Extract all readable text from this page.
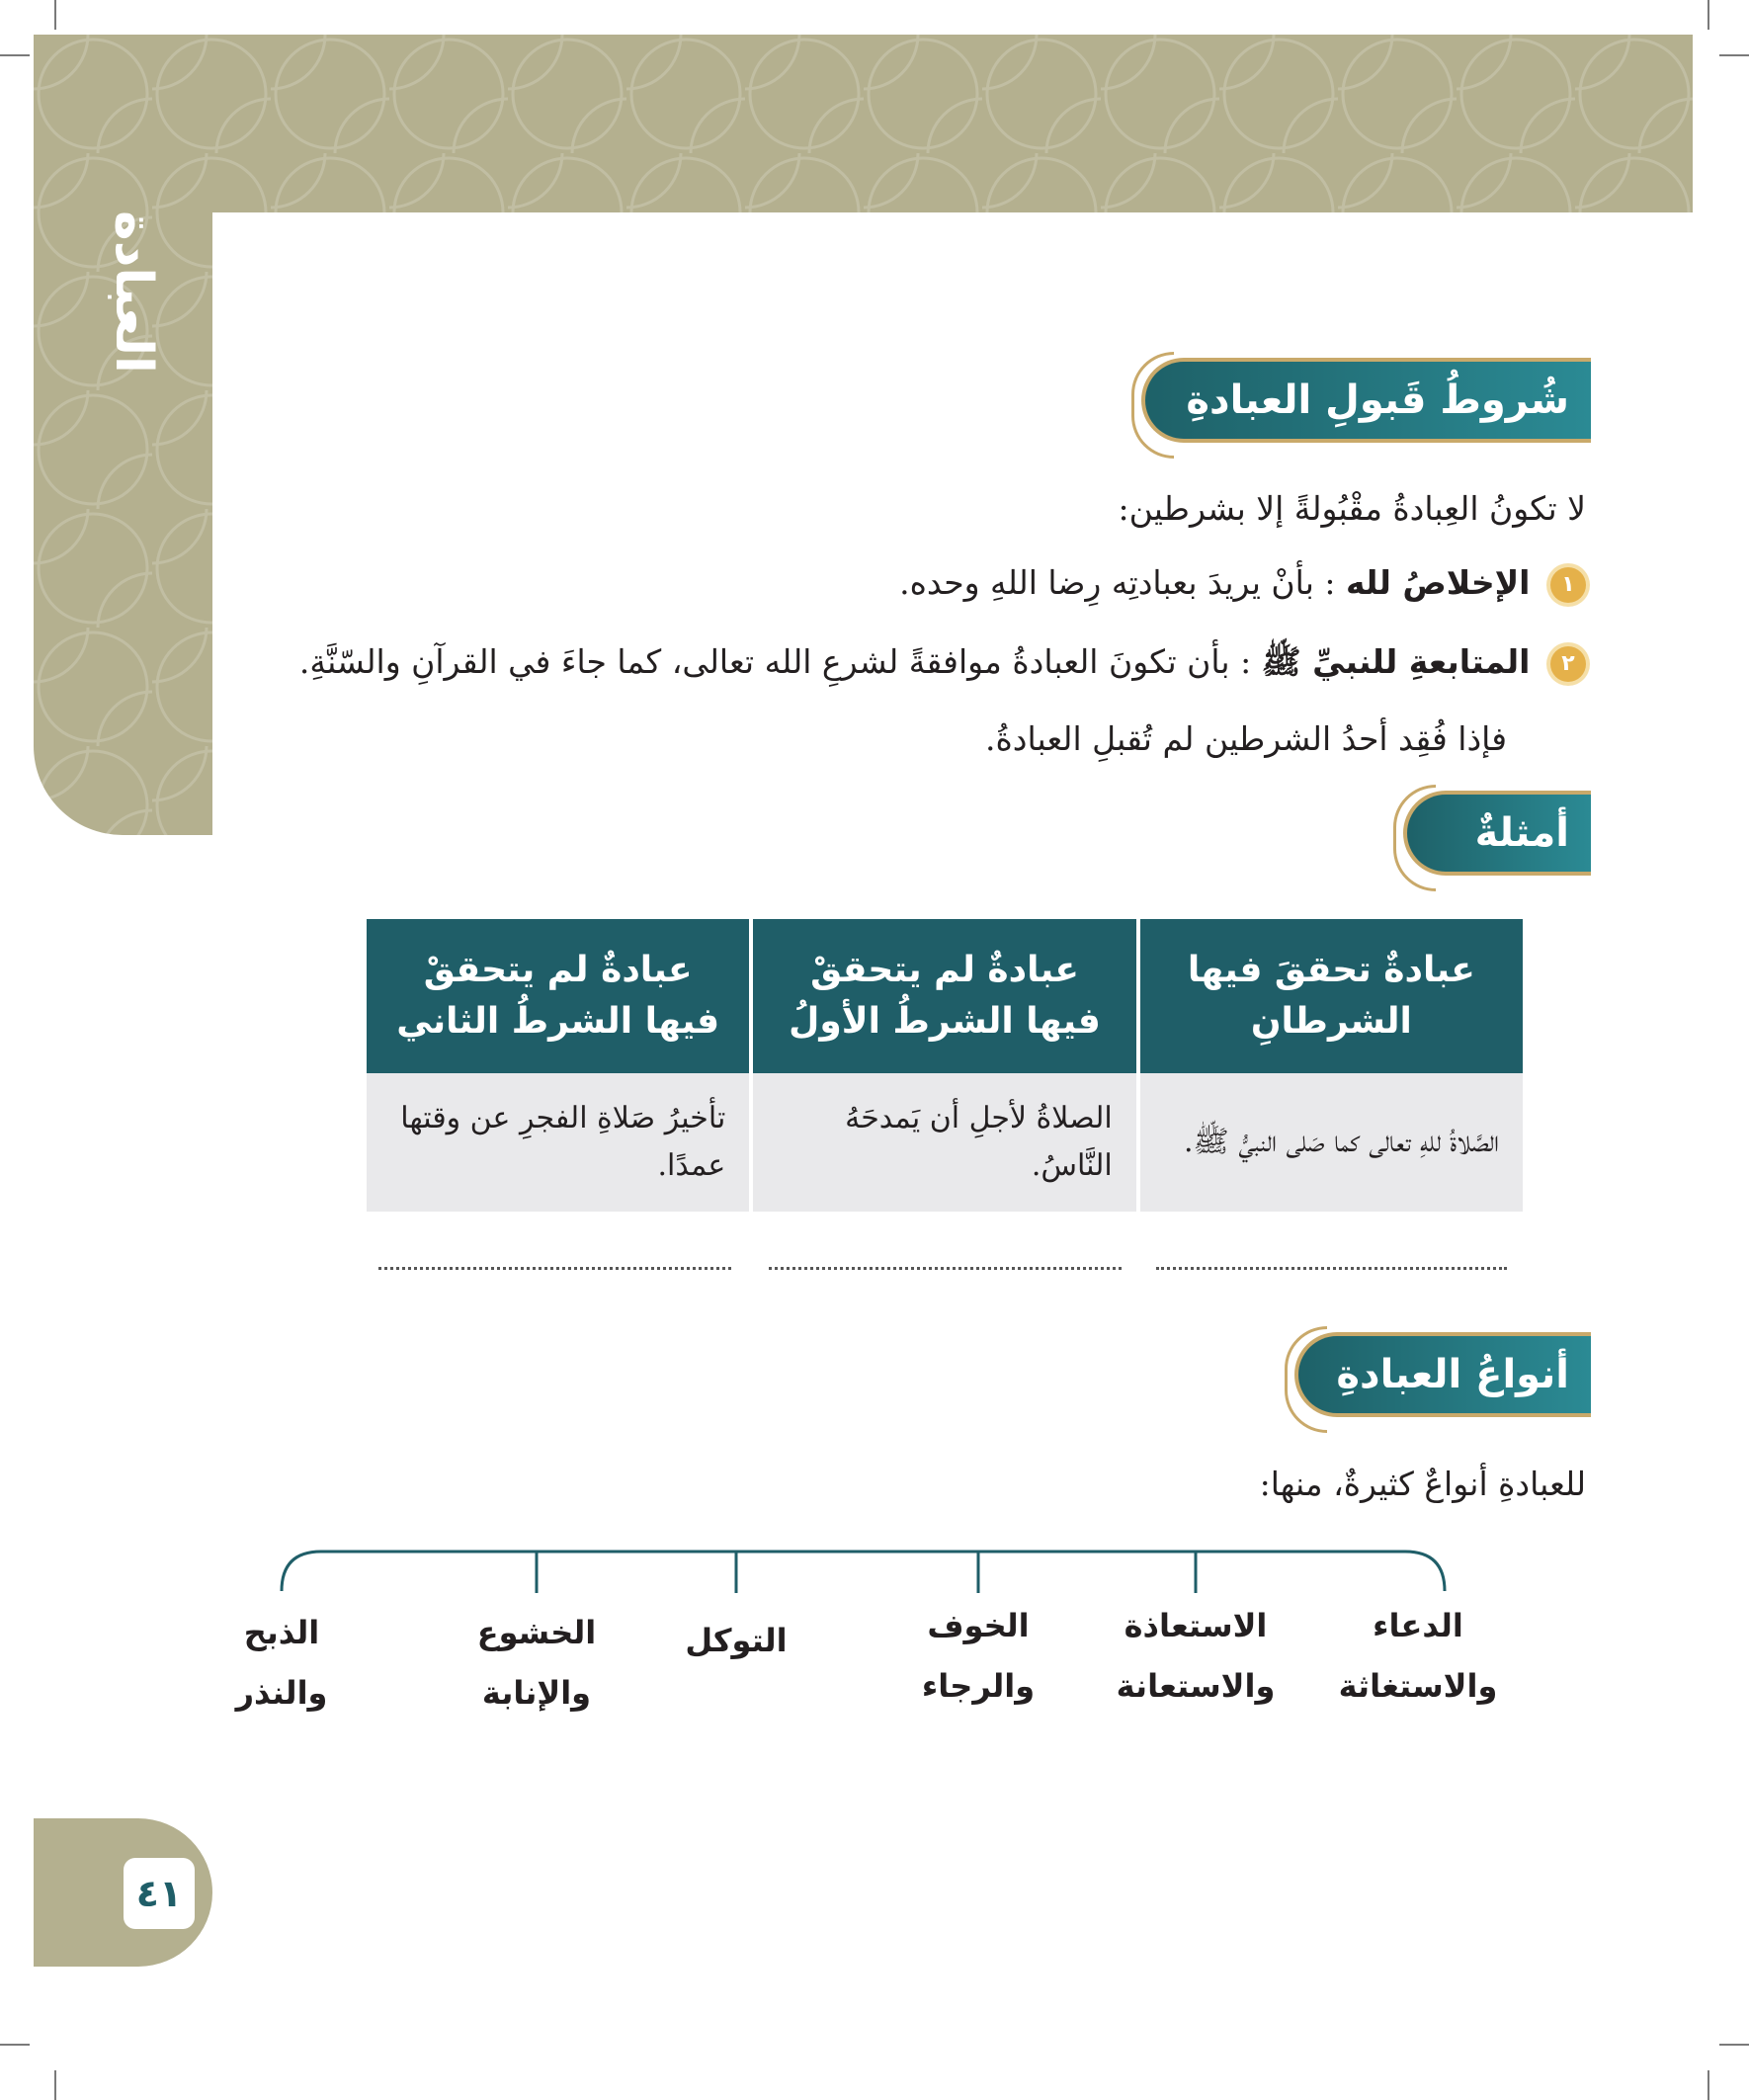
العبادة
شُروطُ قَبولِ العبادةِ
لا تكونُ العِبادةُ مقْبُولةً إلا بشرطين:
١ الإخلاصُ لله : بأنْ يريدَ بعبادتِه رِضا اللهِ وحده.
٢ المتابعةِ للنبيِّ ﷺ : بأن تكونَ العبادةُ موافقةً لشرعِ الله تعالى، كما جاءَ في القرآنِ والسّنَّةِ.
فإذا فُقِد أحدُ الشرطين لم تُقبلِ العبادةُ.
أمثلةٌ
عبادةٌ تحققَ فيها الشرطانِ	عبادةٌ لم يتحققْ فيها الشرطُ الأولُ	عبادةٌ لم يتحققْ فيها الشرطُ الثاني
الصَّلاةُ للهِ تعالى كما صَلى النبيُّ ﷺ.	الصلاةُ لأجلِ أن يَمدحَهُ النَّاسُ.	تأخيرُ صَلاةِ الفجرِ عن وقتها عمدًا.
أنواعُ العبادةِ
للعبادةِ أنواعٌ كثيرةٌ، منها:
الدعاء
والاستغاثة
الاستعاذة
والاستعانة
الخوف
والرجاء
التوكل
الخشوع
والإنابة
الذبح
والنذر
٤١
